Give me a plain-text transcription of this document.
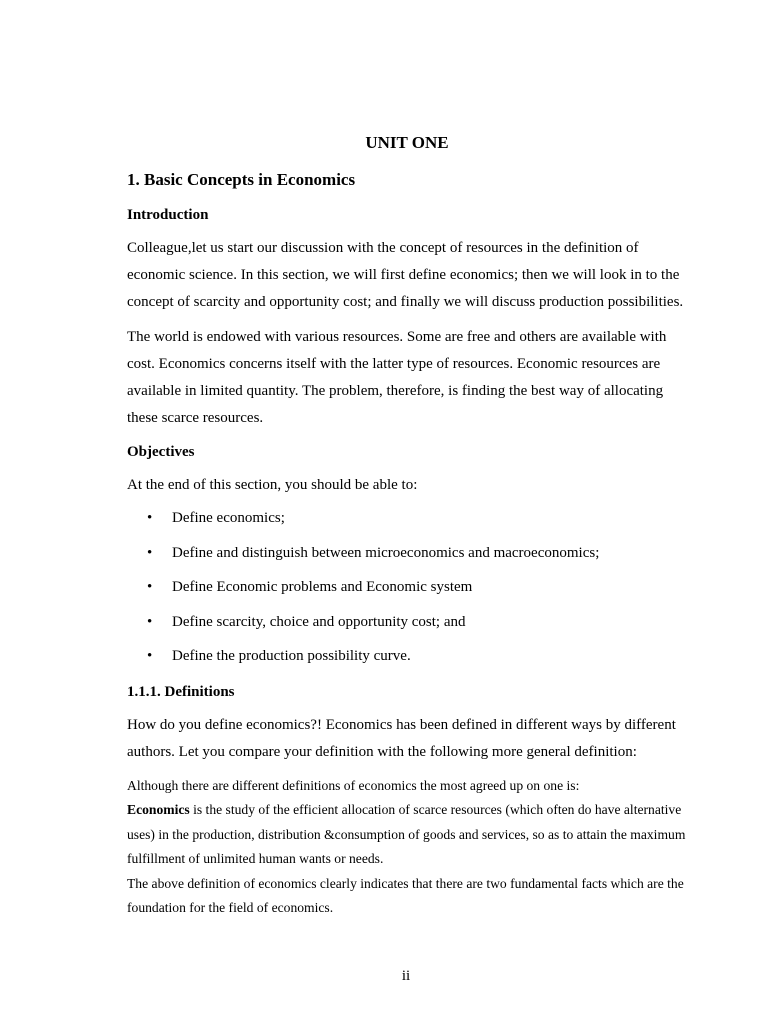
UNIT ONE
1. Basic Concepts in Economics
Introduction

Colleague,let us start our discussion with the concept of resources in the definition of economic science. In this section, we will first define economics; then we will look in to the concept of scarcity and opportunity cost; and finally we will discuss production possibilities.

The world is endowed with various resources. Some are free and others are available with cost. Economics concerns itself with the latter type of resources. Economic resources are available in limited quantity. The problem, therefore, is finding the best way of allocating these scarce resources.

Objectives

At the end of this section, you should be able to:

• Define economics;
• Define and distinguish between microeconomics and macroeconomics;
• Define Economic problems and Economic system
• Define scarcity, choice and opportunity cost; and
• Define the production possibility curve.
1.1.1. Definitions

How do you define economics?! Economics has been defined in different ways by different authors. Let you compare your definition with the following more general definition:

Although there are different definitions of economics the most agreed up on one is:

Economics is the study of the efficient allocation of scarce resources (which often do have alternative uses) in the production, distribution &consumption of goods and services, so as to attain the maximum fulfillment of unlimited human wants or needs.

The above definition of economics clearly indicates that there are two fundamental facts which are the foundation for the field of economics.

ii
